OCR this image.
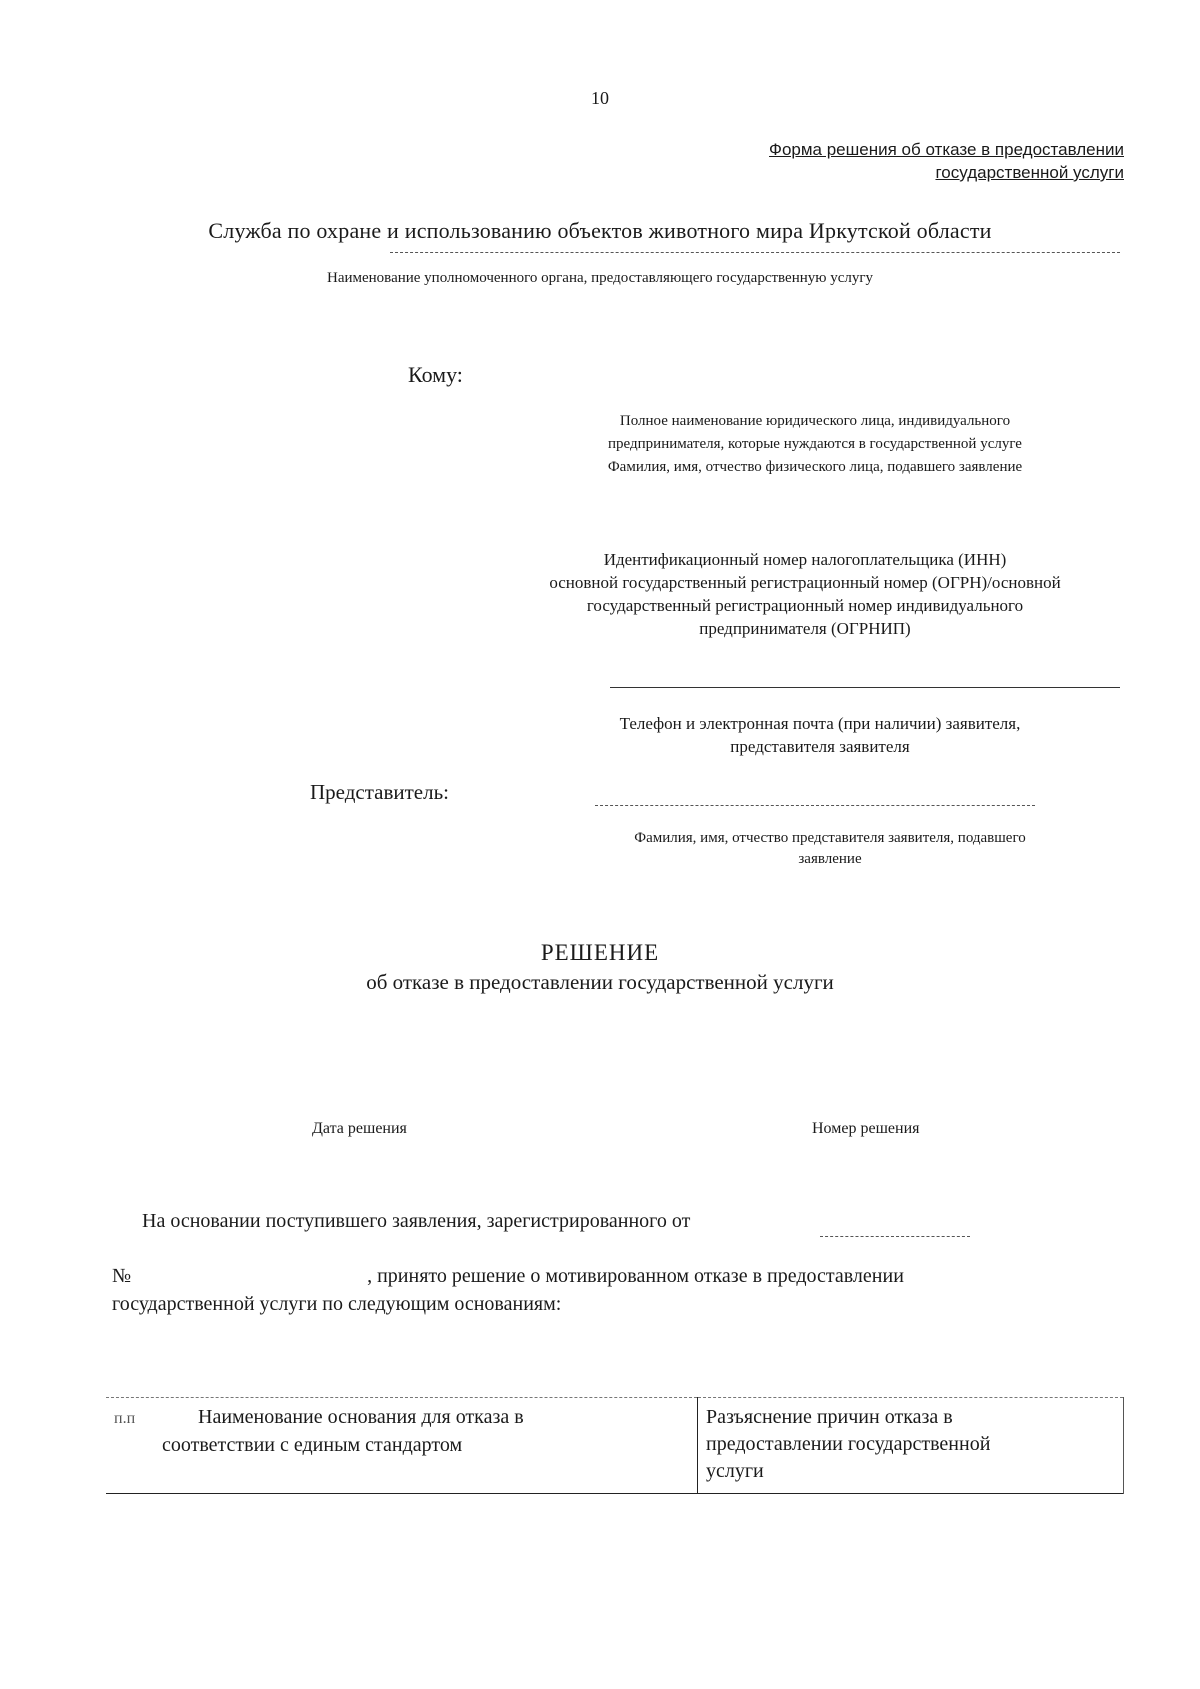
10
Форма решения об отказе в предоставлении
государственной услуги
Служба по охране и использованию объектов животного мира Иркутской области
Наименование уполномоченного органа, предоставляющего государственную услугу
Кому:
Полное наименование юридического лица, индивидуального
предпринимателя, которые нуждаются в государственной услуге
Фамилия, имя, отчество физического лица, подавшего заявление
Идентификационный номер налогоплательщика (ИНН)
основной государственный регистрационный номер (ОГРН)/основной
государственный регистрационный номер индивидуального
предпринимателя (ОГРНИП)
Телефон и электронная почта (при наличии) заявителя,
представителя заявителя
Представитель:
Фамилия, имя, отчество представителя заявителя, подавшего
заявление
РЕШЕНИЕ
об отказе в предоставлении государственной услуги
Дата решения	Номер решения
На основании поступившего заявления, зарегистрированного от
№	, принято решение о мотивированном отказе в предоставлении
государственной услуги по следующим основаниям:
п.п Наименование основания для отказа в
соответствии с единым стандартом	Разъяснение причин отказа в
предоставлении государственной
услуги
